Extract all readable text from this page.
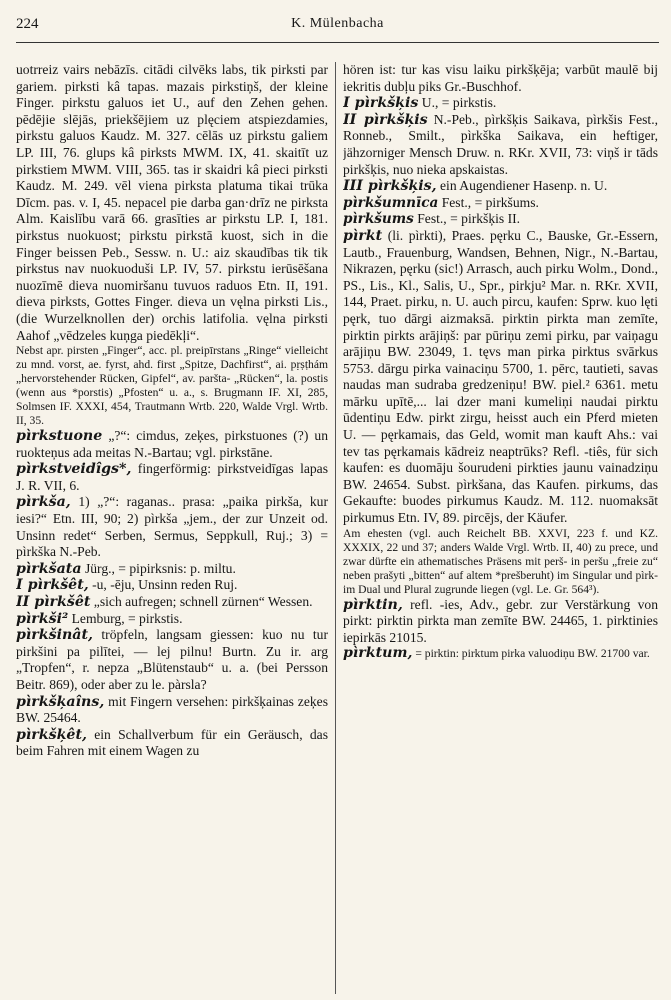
224	K. Mülenbacha

uotrreiz vairs nebāzīs. citādi cilvēks labs, tik pirksti par gariem. pirksti kâ tapas. mazais pirkstiņš, der kleine Finger. pirkstu galuos iet U., auf den Zehen gehen. pēdējie slējās, priekšējiem uz plęciem atspiezdamies, pirkstu galuos Kaudz. M. 327. cēlās uz pirkstu galiem LP. III, 76. glups kâ pirksts MWM. IX, 41. skaitīt uz pirkstiem MWM. VIII, 365. tas ir skaidri kâ pieci pirksti Kaudz. M. 249. vēl viena pirksta platuma tikai trūka Dīcm. pas. v. I, 45. nepacel pie darba gan·drīz ne pirksta Alm. Kaislību varā 66. grasīties ar pirkstu LP. I, 181. pirkstus nuokuost; pirkstu pirkstā kuost, sich in die Finger beissen Peb., Sessw. n. U.: aiz skaudības tik tik pirkstus nav nuokuoduši LP. IV, 57. pirkstu ierūsēšana nuozīmē dieva nuomiršanu tuvuos raduos Etn. II, 191. dieva pirksts, Gottes Finger. dieva un vęlna pirksti Lis., (die Wurzelknollen der) orchis latifolia. vęlna pirksti Aahof „vēdzeles kuņga piedēkļi“.

Nebst apr. pirsten „Finger“, acc. pl. preipīrstans „Ringe“ vielleicht zu mnd. vorst, ae. fyrst, ahd. first „Spitze, Dachfirst“, ai. pṛṣṭhám „hervorstehender Rücken, Gipfel“, av. paršta- „Rücken“, la. postis (wenn aus *porstis) „Pfosten“ u. a., s. Brugmann IF. XI, 285, Solmsen IF. XXXI, 454, Trautmann Wrtb. 220, Walde Vrgl. Wrtb. II, 35.

pìrkstuone „?“: cimdus, zeķes, pirkstuones (?) un ruokteņus ada meitas N.-Bartau; vgl. pirkstāne.

pìrkstveidîgs*, fingerförmig: pirkstveidīgas lapas J. R. VII, 6.

pìrkša, 1) „?“: raganas.. prasa: „paika pirkša, kur iesi?“ Etn. III, 90; 2) pìrkša „jem., der zur Unzeit od. Unsinn redet“ Serben, Sermus, Seppkull, Ruj.; 3) = pìrkška N.-Peb.

pìrkšata Jürg., = pipirksnis: p. miltu.

I pìrkšêt, -u, -ēju, Unsinn reden Ruj.

II pìrkšêt „sich aufregen; schnell zürnen“ Wessen.

pìrkši² Lemburg, = pirkstis.

pìrkšinât, tröpfeln, langsam giessen: kuo nu tur pirkšini pa pilītei, — lej pilnu! Burtn. Zu ir. arg „Tropfen“, r. nepza „Blütenstaub“ u. a. (bei Persson Beitr. 869), oder aber zu le. pàrsla?

pìrkšķaîns, mit Fingern versehen: pirkšķainas zeķes BW. 25464.

pìrkšķêt, ein Schallverbum für ein Geräusch, das beim Fahren mit einem Wagen zu

hören ist: tur kas visu laiku pirkšķēja; varbūt maulē bij iekritis dubļu piks Gr.-Buschhof.

I pìrkšķis U., = pirkstis.

II pìrkšķis N.-Peb., pìrkšķis Saikava, pìrkšis Fest., Ronneb., Smilt., pìrkška Saikava, ein heftiger, jähzorniger Mensch Druw. n. RKr. XVII, 73: viņš ir tāds pirkšķis, nuo nieka apskaistas.

III pìrkšķis, ein Augendiener Hasenp. n. U.

pìrkšumnīca Fest., = pirkšums.

pìrkšums Fest., = pirkšķis II.

pìrkt (li. pìrkti), Praes. pęrku C., Bauske, Gr.-Essern, Lautb., Frauenburg, Wandsen, Behnen, Nigr., N.-Bartau, Nikrazen, pęrku (sic!) Arrasch, auch pirku Wolm., Dond., PS., Lis., Kl., Salis, U., Spr., pirkju² Mar. n. RKr. XVII, 144, Praet. pirku, n. U. auch pircu, kaufen: Sprw. kuo lęti pęrk, tuo dārgi aizmaksā. pirktin pirkta man zemīte, pirktin pirkts arājiņš: par pūriņu zemi pirku, par vaiņagu arājiņu BW. 23049, 1. tęvs man pirka pirktus svārkus 5753. dārgu pirka vainaciņu 5700, 1. pērc, tautieti, savas naudas man sudraba gredzeniņu! BW. piel.² 6361. metu mārku upītē,... lai dzer mani kumeliņi naudai pirktu ūdentiņu Edw. pirkt zirgu, heisst auch ein Pferd mieten U. — pęrkamais, das Geld, womit man kauft Ahs.: vai tev tas pęrkamais kādreiz neaptrūks? Refl. -tiês, für sich kaufen: es duomāju šourudeni pirkties jaunu vainadziņu BW. 24654. Subst. pìrkšana, das Kaufen. pirkums, das Gekaufte: buodes pirkumus Kaudz. M. 112. nuomaksāt pirkumus Etn. IV, 89. pircējs, der Käufer.

Am ehesten (vgl. auch Reichelt BB. XXVI, 223 f. und KZ. XXXIX, 22 und 37; anders Walde Vrgl. Wrtb. II, 40) zu prece, und zwar dürfte ein athematisches Präsens mit perš- in peršu „freie zu“ neben prašyti „bitten“ auf altem *prešberuht) im Singular und pìrk- im Dual und Plural zugrunde liegen (vgl. Le. Gr. 564³).

pìrktin, refl. -ies, Adv., gebr. zur Verstärkung von pirkt: pirktin pirkta man zemīte BW. 24465, 1. pirktinies iepirkās 21015.

pìrktum, = pirktin: pirktum pirka valuodiņu BW. 21700 var.
